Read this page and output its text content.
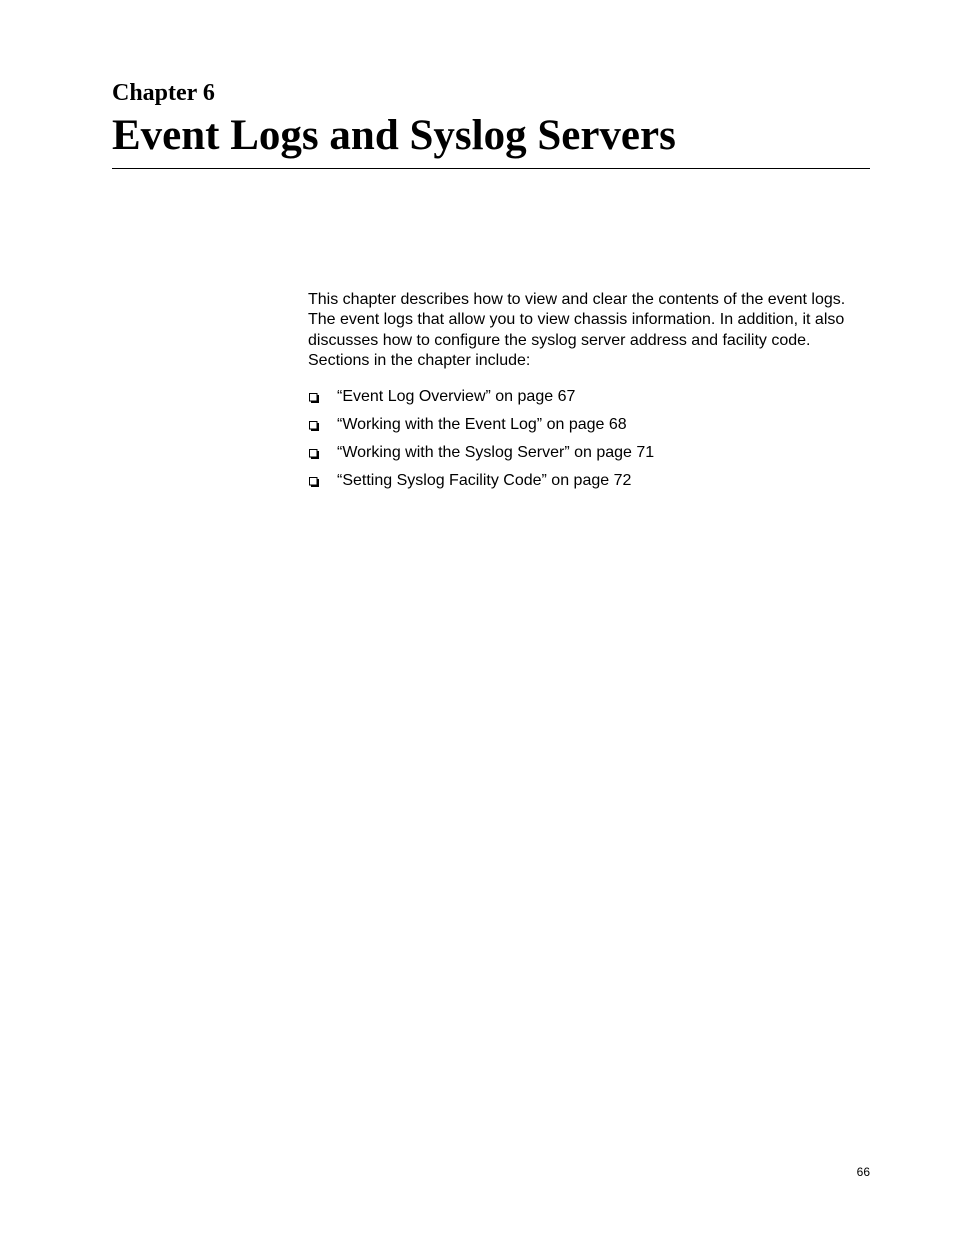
Chapter 6
Event Logs and Syslog Servers

This chapter describes how to view and clear the contents of the event logs. The event logs that allow you to view chassis information. In addition, it also discusses how to configure the syslog server address and facility code. Sections in the chapter include:

“Event Log Overview” on page 67
“Working with the Event Log” on page 68
“Working with the Syslog Server” on page 71
“Setting Syslog Facility Code” on page 72
66
